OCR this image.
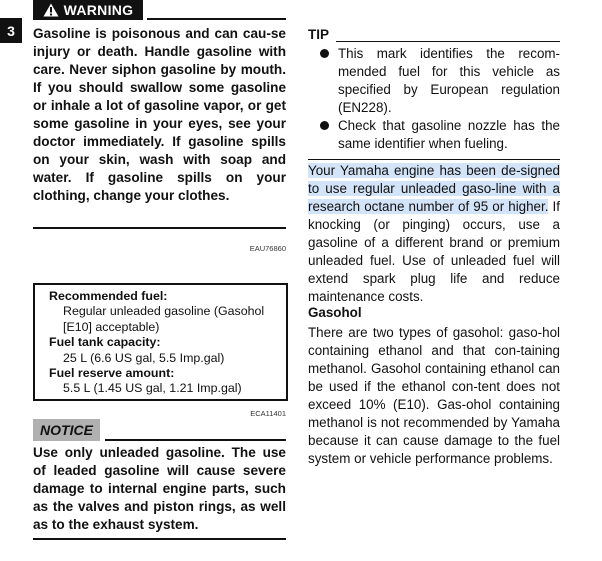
3
WARNING
Gasoline is poisonous and can cau-se injury or death. Handle gasoline with care. Never siphon gasoline by mouth. If you should swallow some gasoline or inhale a lot of gasoline vapor, or get some gasoline in your eyes, see your doctor immediately. If gasoline spills on your skin, wash with soap and water. If gasoline spills on your clothing, change your clothes.
EAU76860
Recommended fuel:
Regular unleaded gasoline (Gasohol [E10] acceptable)
Fuel tank capacity:
25 L (6.6 US gal, 5.5 Imp.gal)
Fuel reserve amount:
5.5 L (1.45 US gal, 1.21 Imp.gal)
ECA11401
NOTICE
Use only unleaded gasoline. The use of leaded gasoline will cause severe damage to internal engine parts, such as the valves and piston rings, as well as to the exhaust system.
TIP
This mark identifies the recom-mended fuel for this vehicle as specified by European regulation (EN228).
Check that gasoline nozzle has the same identifier when fueling.
Your Yamaha engine has been de-signed to use regular unleaded gaso-line with a research octane number of 95 or higher. If knocking (or pinging) occurs, use a gasoline of a different brand or premium unleaded fuel. Use of unleaded fuel will extend spark plug life and reduce maintenance costs.
Gasohol
There are two types of gasohol: gaso-hol containing ethanol and that con-taining methanol. Gasohol containing ethanol can be used if the ethanol con-tent does not exceed 10% (E10). Gas-ohol containing methanol is not recommended by Yamaha because it can cause damage to the fuel system or vehicle performance problems.
